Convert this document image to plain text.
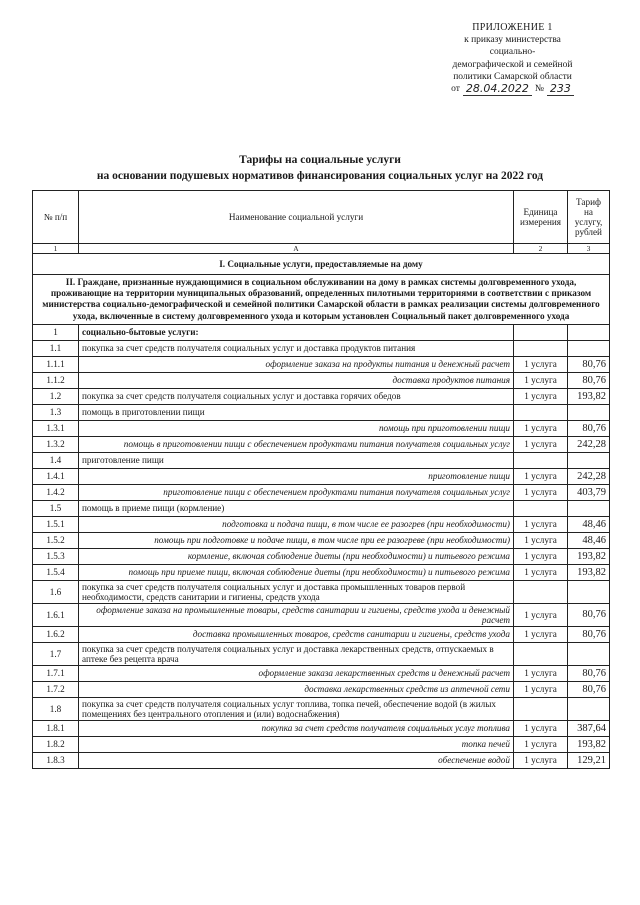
ПРИЛОЖЕНИЕ 1
к приказу министерства
социально-
демографической и семейной
политики Самарской области
от 28.04.2022 № 233
Тарифы на социальные услуги
на основании подушевых нормативов финансирования социальных услуг на 2022 год
№ п/п	Наименование социальной услуги	Единица измерения	Тариф на услугу, рублей
1	А	2	3
I. Социальные услуги, предоставляемые на дому			
II. Граждане, признанные нуждающимися в социальном обслуживании на дому в рамках системы долговременного ухода, проживающие на территории муниципальных образований, определенных пилотными территориями в соответствии с приказом министерства социально-демографической и семейной политики Самарской области в рамках реализации системы долговременного ухода, включенные в систему долговременного ухода и которым установлен Социальный пакет долговременного ухода			
1	социально-бытовые услуги:		
1.1	покупка за счет средств получателя социальных услуг и доставка продуктов питания		
1.1.1	оформление заказа на продукты питания и денежный расчет	1 услуга	80,76
1.1.2	доставка продуктов питания	1 услуга	80,76
1.2	покупка за счет средств получателя социальных услуг и доставка горячих обедов	1 услуга	193,82
1.3	помощь в приготовлении пищи		
1.3.1	помощь при приготовлении пищи	1 услуга	80,76
1.3.2	помощь в приготовлении пищи с обеспечением продуктами питания получателя социальных услуг	1 услуга	242,28
1.4	приготовление пищи		
1.4.1	приготовление пищи	1 услуга	242,28
1.4.2	приготовление пищи с обеспечением продуктами питания получателя социальных услуг	1 услуга	403,79
1.5	помощь в приеме пищи (кормление)		
1.5.1	подготовка и подача пищи, в том числе ее разогрев (при необходимости)	1 услуга	48,46
1.5.2	помощь при подготовке и подаче пищи, в том числе при ее разогреве (при необходимости)	1 услуга	48,46
1.5.3	кормление, включая соблюдение диеты (при необходимости) и питьевого режима	1 услуга	193,82
1.5.4	помощь при приеме пищи, включая соблюдение диеты (при необходимости) и питьевого режима	1 услуга	193,82
1.6	покупка за счет средств получателя социальных услуг и доставка промышленных товаров первой необходимости, средств санитарии и гигиены, средств ухода		
1.6.1	оформление заказа на промышленные товары, средств санитарии и гигиены, средств ухода и денежный расчет	1 услуга	80,76
1.6.2	доставка промышленных товаров, средств санитарии и гигиены, средств ухода	1 услуга	80,76
1.7	покупка за счет средств получателя социальных услуг и доставка лекарственных средств, отпускаемых в аптеке без рецепта врача		
1.7.1	оформление заказа лекарственных средств и денежный расчет	1 услуга	80,76
1.7.2	доставка лекарственных средств из аптечной сети	1 услуга	80,76
1.8	покупка за счет средств получателя социальных услуг топлива, топка печей, обеспечение водой (в жилых помещениях без центрального отопления и (или) водоснабжения)		
1.8.1	покупка за счет средств получателя социальных услуг топлива	1 услуга	387,64
1.8.2	топка печей	1 услуга	193,82
1.8.3	обеспечение водой	1 услуга	129,21
